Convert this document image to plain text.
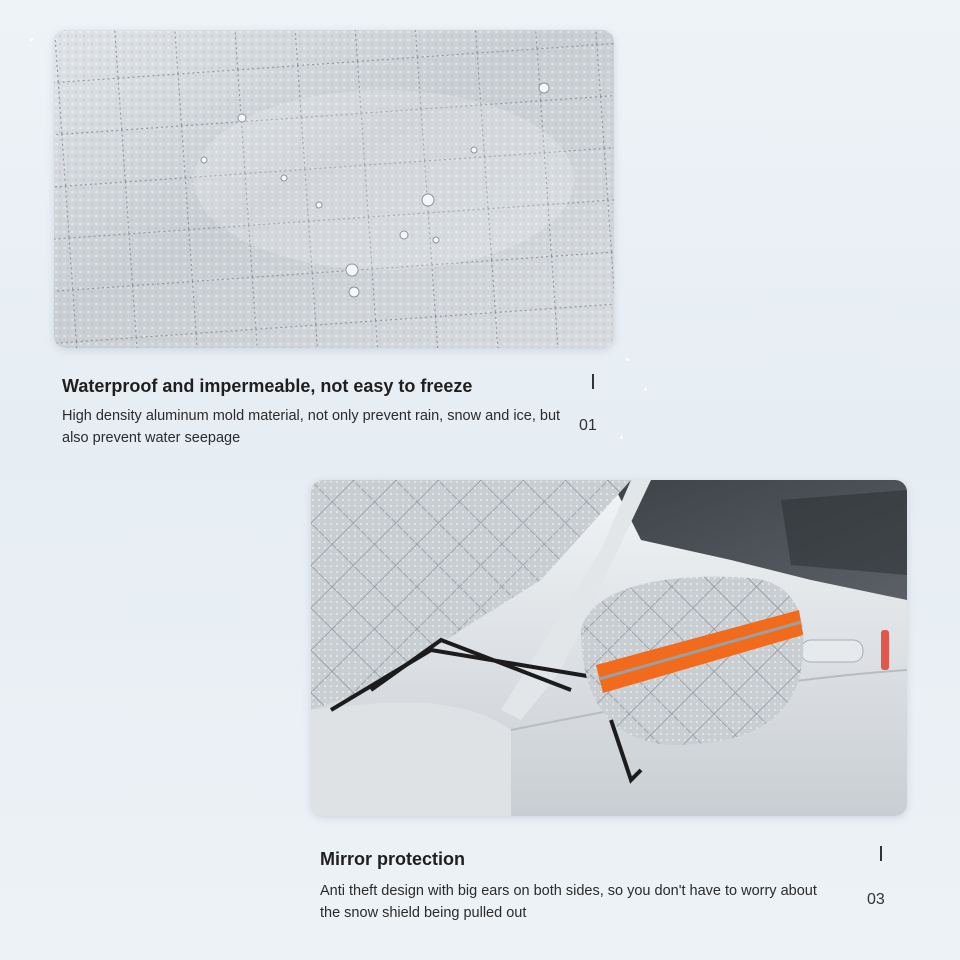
Waterproof and impermeable, not easy to freeze

High density aluminum mold material, not only prevent rain, snow and ice, but also prevent water seepage

01
Mirror protection

Anti theft design with big ears on both sides, so you don't have to worry about the snow shield being pulled out

03
